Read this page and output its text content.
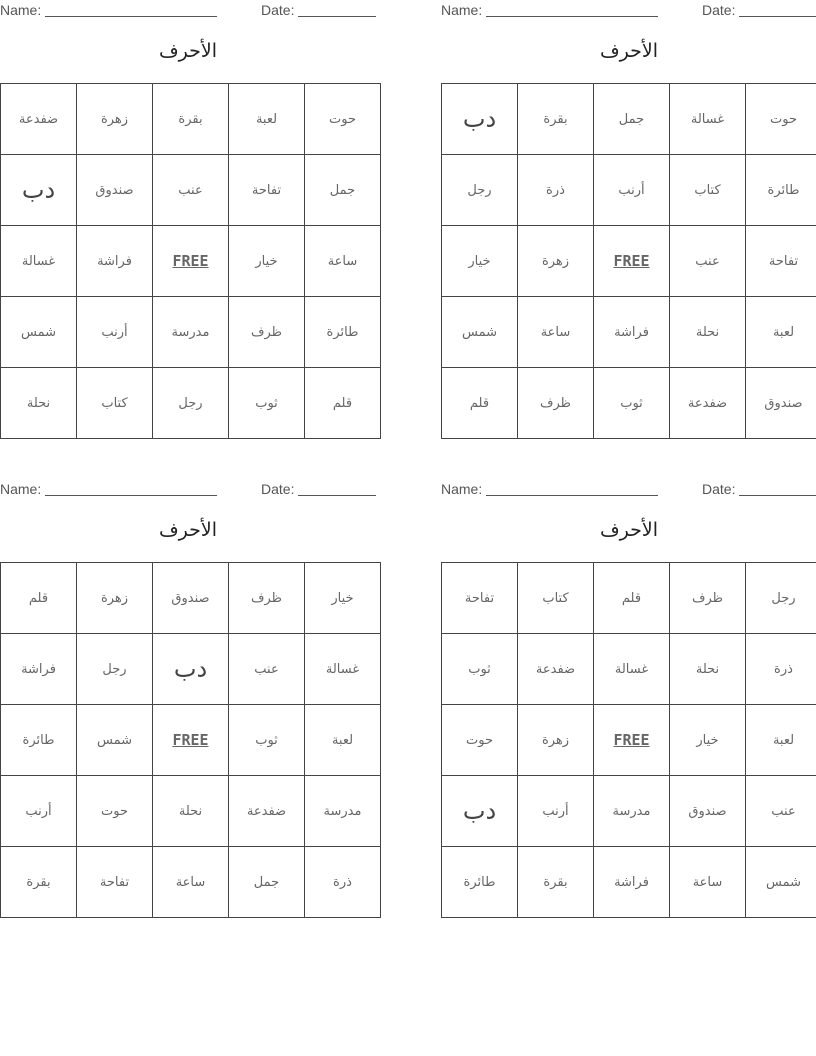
Name:	Date:
الأحرف
ضفدعة	زهرة	بقرة	لعبة	حوت
دب	صندوق	عنب	تفاحة	جمل
غسالة	فراشة	FREE	خيار	ساعة
شمس	أرنب	مدرسة	ظرف	طائرة
نحلة	كتاب	رجل	ثوب	قلم
Name:	Date:
الأحرف
دب	بقرة	جمل	غسالة	حوت
رجل	ذرة	أرنب	كتاب	طائرة
خيار	زهرة	FREE	عنب	تفاحة
شمس	ساعة	فراشة	نحلة	لعبة
قلم	ظرف	ثوب	ضفدعة	صندوق
Name:	Date:
الأحرف
قلم	زهرة	صندوق	ظرف	خيار
فراشة	رجل	دب	عنب	غسالة
طائرة	شمس	FREE	ثوب	لعبة
أرنب	حوت	نحلة	ضفدعة	مدرسة
بقرة	تفاحة	ساعة	جمل	ذرة
Name:	Date:
الأحرف
تفاحة	كتاب	قلم	ظرف	رجل
ثوب	ضفدعة	غسالة	نحلة	ذرة
حوت	زهرة	FREE	خيار	لعبة
دب	أرنب	مدرسة	صندوق	عنب
طائرة	بقرة	فراشة	ساعة	شمس
